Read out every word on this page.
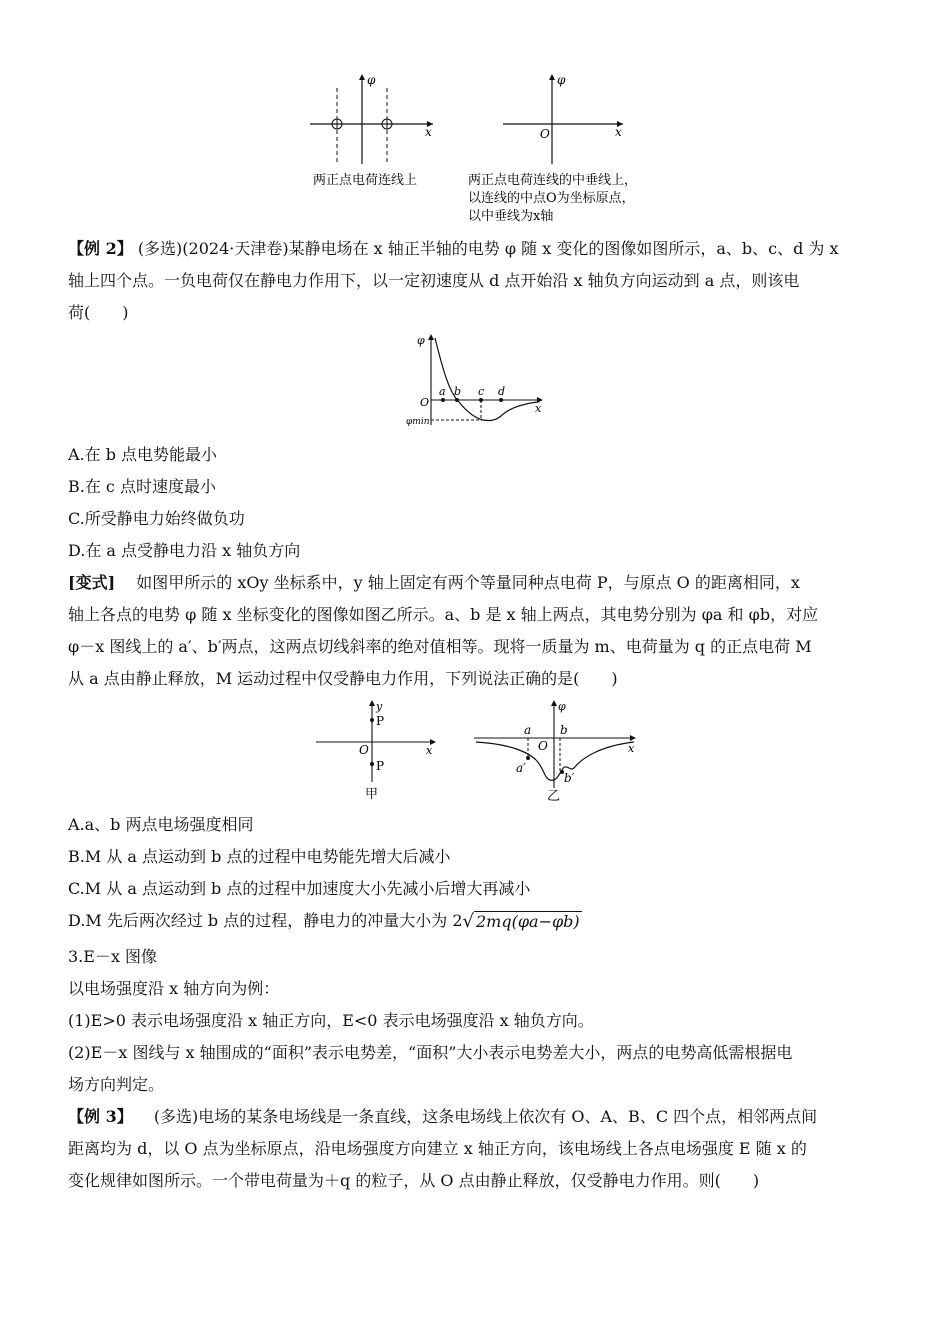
φ
x
两正点电荷连线上
φ
x
O
两正点电荷连线的中垂线上，
以连线的中点O为坐标原点，
以中垂线为x轴
【例 2】 (多选)(2024·天津卷)某静电场在 x 轴正半轴的电势 φ 随 x 变化的图像如图所示，a、b、c、d 为 x
轴上四个点。一负电荷仅在静电力作用下，以一定初速度从 d 点开始沿 x 轴负方向运动到 a 点，则该电
荷(　　)
φ
x
O
a b c d
φmin
A.在 b 点电势能最小
B.在 c 点时速度最小
C.所受静电力始终做负功
D.在 a 点受静电力沿 x 轴负方向
[变式] 　如图甲所示的 xOy 坐标系中，y 轴上固定有两个等量同种点电荷 P，与原点 O 的距离相同，x
轴上各点的电势 φ 随 x 坐标变化的图像如图乙所示。a、b 是 x 轴上两点，其电势分别为 φa 和 φb，对应
φ－x 图线上的 a′、b′两点，这两点切线斜率的绝对值相等。现将一质量为 m、电荷量为 q 的正点电荷 M
从 a 点由静止释放，M 运动过程中仅受静电力作用，下列说法正确的是(　　)
y
x
O
P
P
甲
φ
x
O
a b
a′
b′
乙
A.a、b 两点电场强度相同
B.M 从 a 点运动到 b 点的过程中电势能先增大后减小
C.M 从 a 点运动到 b 点的过程中加速度大小先减小后增大再减小
D.M 先后两次经过 b 点的过程，静电力的冲量大小为 2√ 2mq(φa−φb)
3.E－x 图像
以电场强度沿 x 轴方向为例：
(1)E>0 表示电场强度沿 x 轴正方向，E<0 表示电场强度沿 x 轴负方向。
(2)E－x 图线与 x 轴围成的“面积”表示电势差，“面积”大小表示电势差大小，两点的电势高低需根据电
场方向判定。
【例 3】 　(多选)电场的某条电场线是一条直线，这条电场线上依次有 O、A、B、C 四个点，相邻两点间
距离均为 d，以 O 点为坐标原点，沿电场强度方向建立 x 轴正方向，该电场线上各点电场强度 E 随 x 的
变化规律如图所示。一个带电荷量为＋q 的粒子，从 O 点由静止释放，仅受静电力作用。则(　　)
